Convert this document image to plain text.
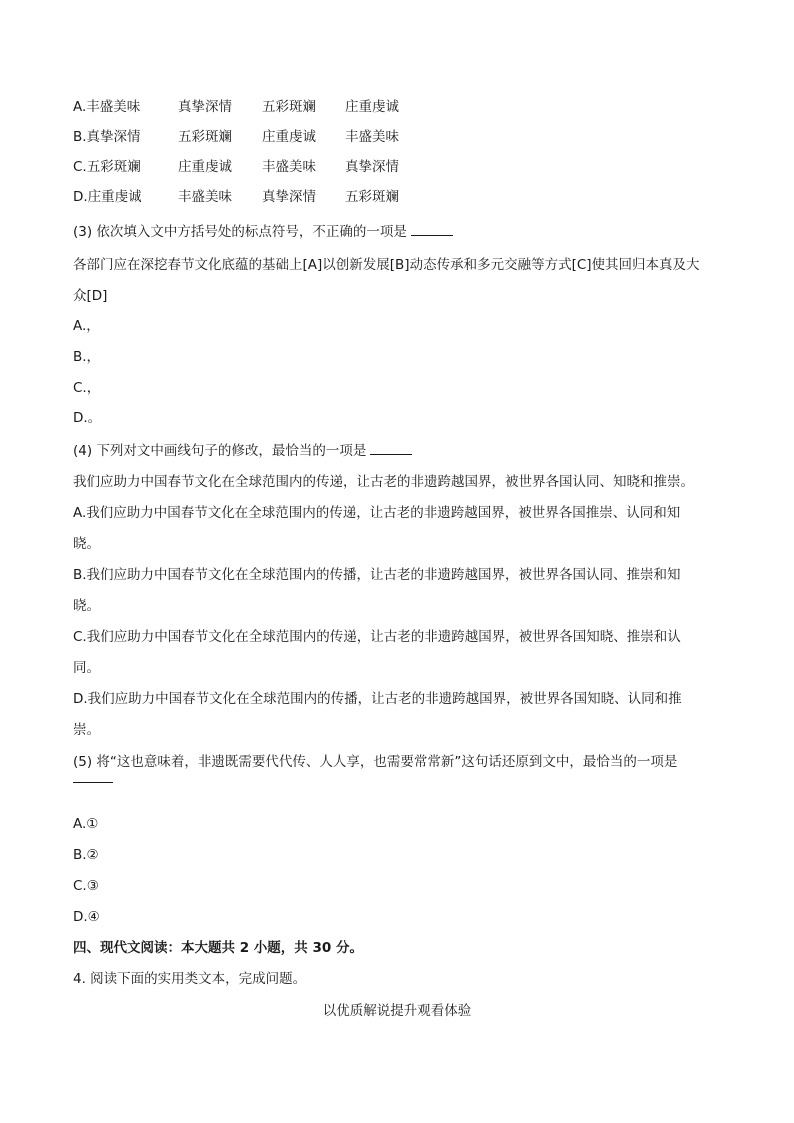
A.丰盛美味	真挚深情 五彩斑斓 庄重虔诚
B.真挚深情	五彩斑斓 庄重虔诚 丰盛美味
C.五彩斑斓	庄重虔诚 丰盛美味 真挚深情
D.庄重虔诚	丰盛美味 真挚深情 五彩斑斓
(3) 依次填入文中方括号处的标点符号，不正确的一项是
各部门应在深挖春节文化底蕴的基础上[A]以创新发展[B]动态传承和多元交融等方式[C]使其回归本真及大
众[D]
A.，
B.，
C.，
D.。
(4) 下列对文中画线句子的修改，最恰当的一项是
我们应助力中国春节文化在全球范围内的传递，让古老的非遗跨越国界，被世界各国认同、知晓和推崇。
A.我们应助力中国春节文化在全球范围内的传递，让古老的非遗跨越国界，被世界各国推崇、认同和知
晓。
B.我们应助力中国春节文化在全球范围内的传播，让古老的非遗跨越国界，被世界各国认同、推崇和知
晓。
C.我们应助力中国春节文化在全球范围内的传递，让古老的非遗跨越国界，被世界各国知晓、推崇和认
同。
D.我们应助力中国春节文化在全球范围内的传播，让古老的非遗跨越国界，被世界各国知晓、认同和推
崇。
(5) 将“这也意味着，非遗既需要代代传、人人享，也需要常常新”这句话还原到文中，最恰当的一项是
A.①
B.②
C.③
D.④
四、现代文阅读：本大题共 2 小题，共 30 分。
4. 阅读下面的实用类文本，完成问题。
以优质解说提升观看体验
